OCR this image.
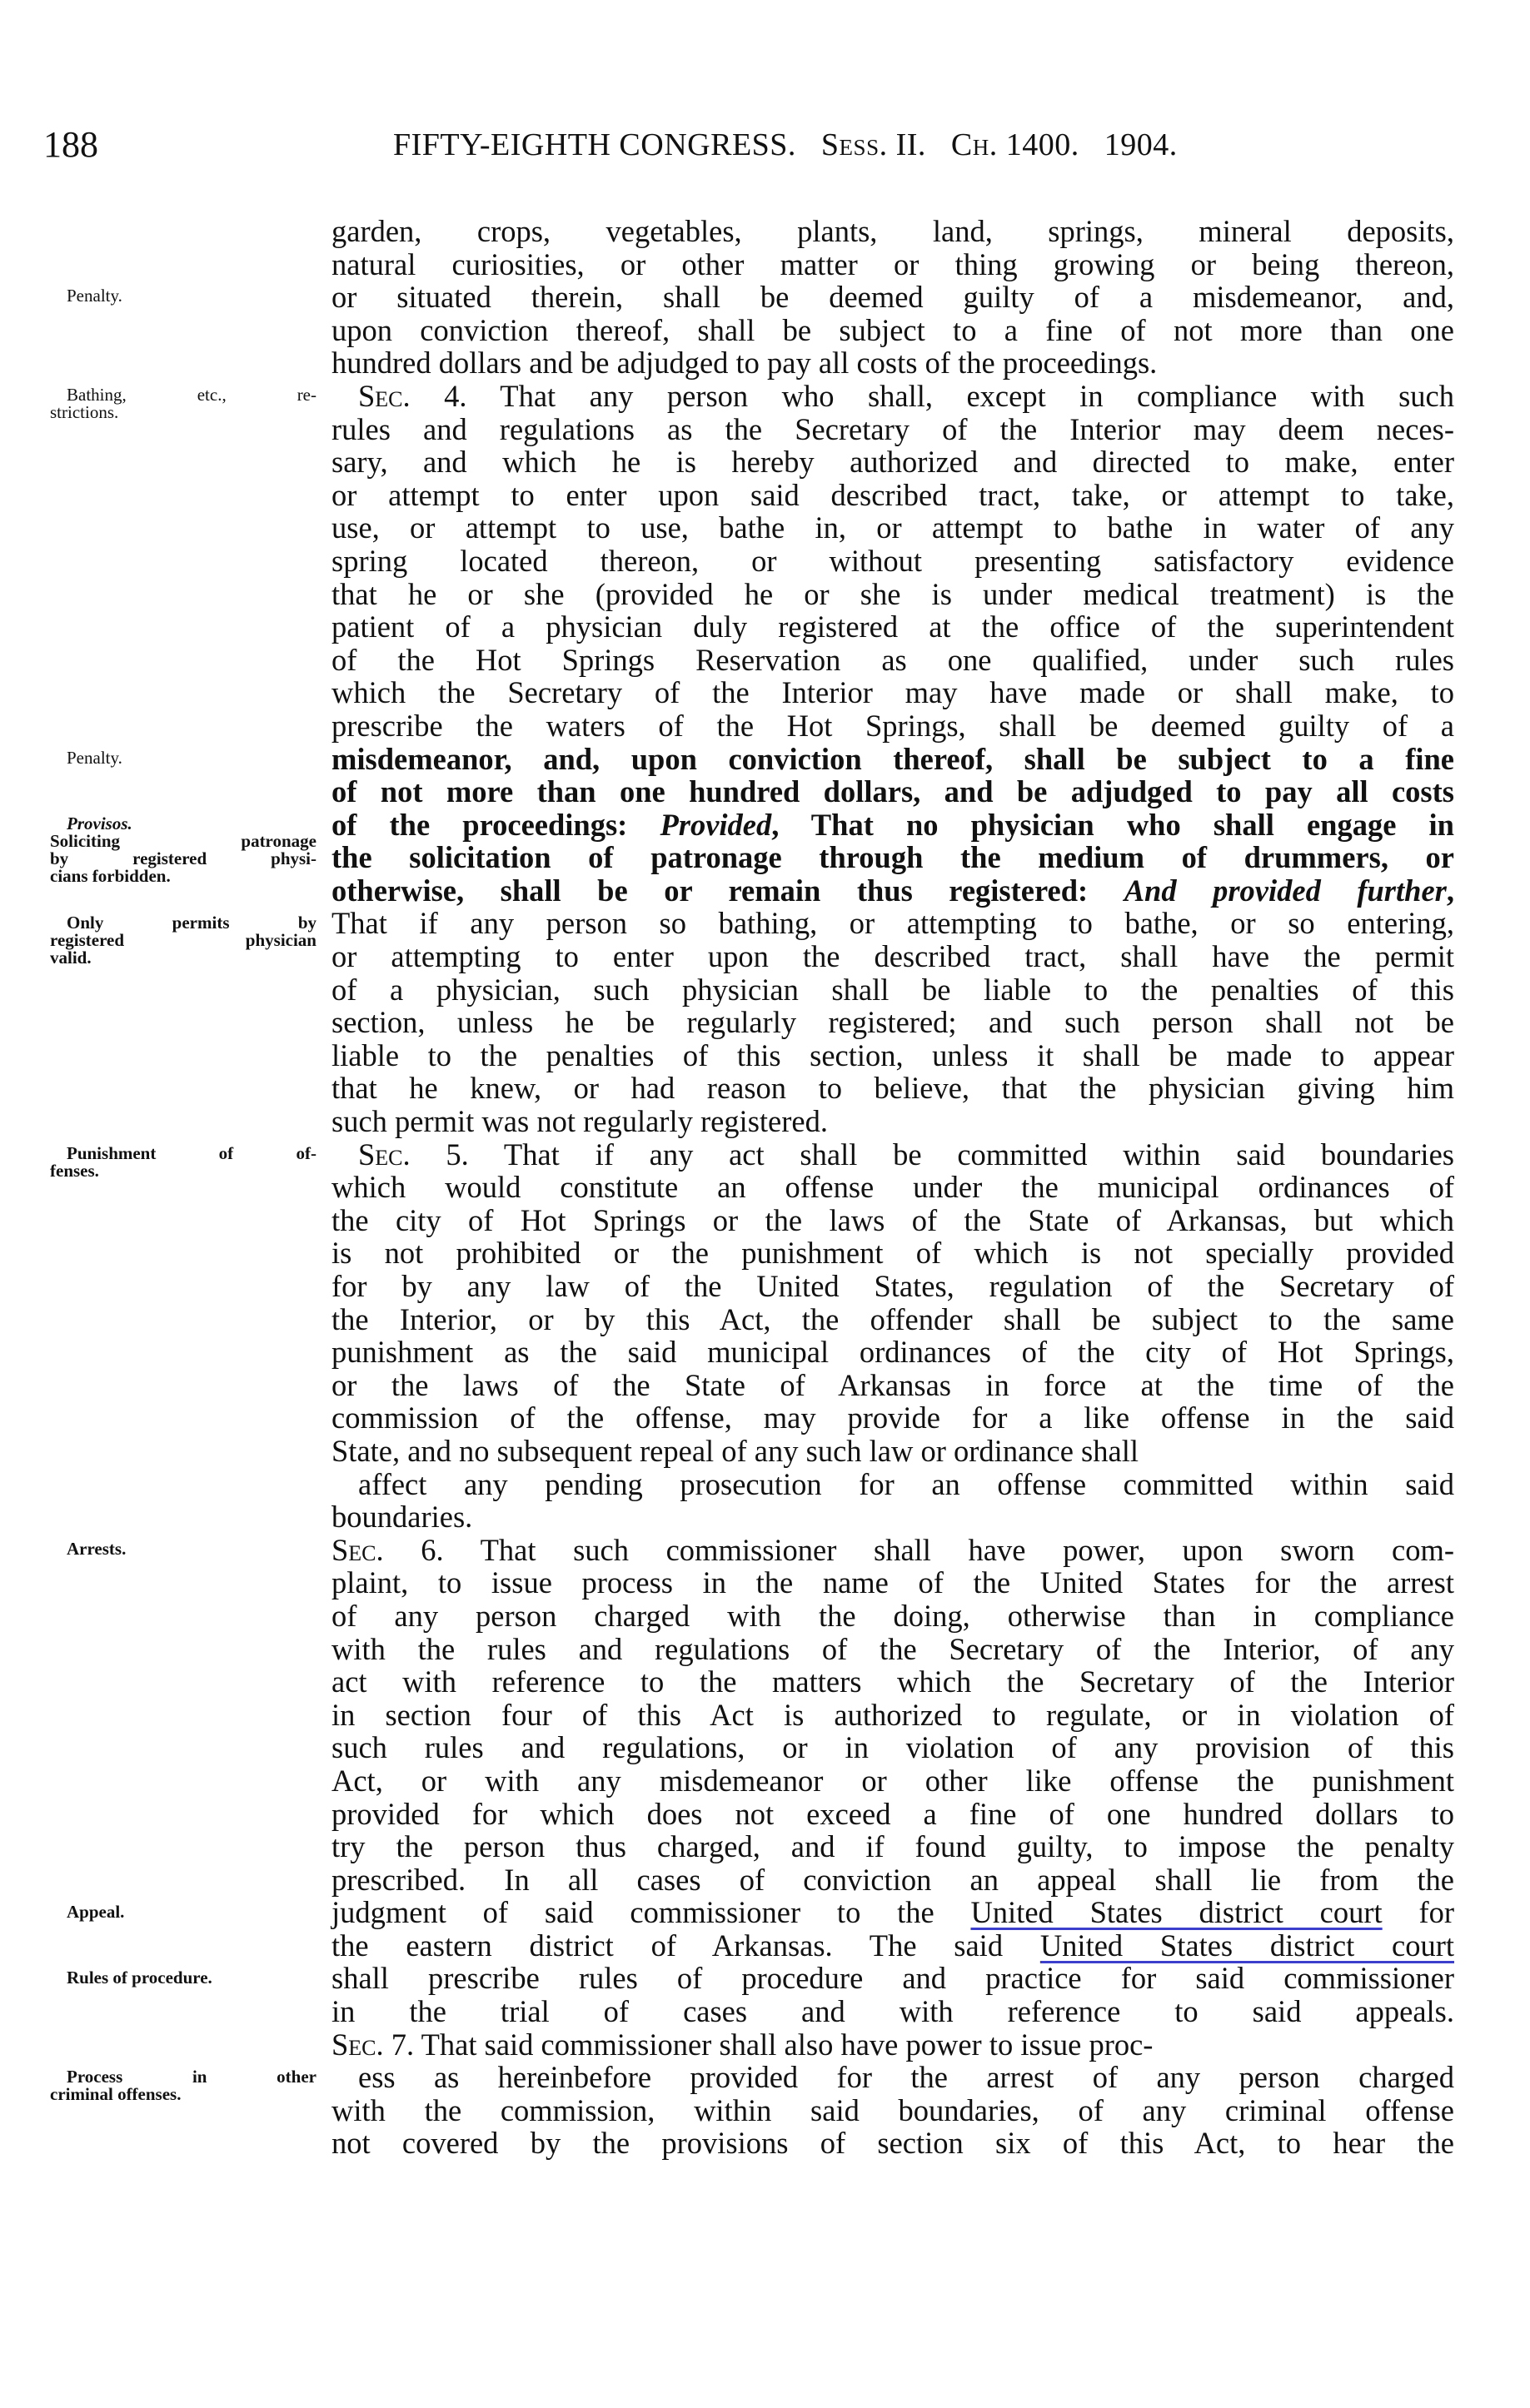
188	FIFTY-EIGHTH CONGRESS. Sess. II. Ch. 1400. 1904.
garden, crops, vegetables, plants, land, springs, mineral deposits,
natural curiosities, or other matter or thing growing or being thereon,
or situated therein, shall be deemed guilty of a misdemeanor, and,
upon conviction thereof, shall be subject to a fine of not more than one
hundred dollars and be adjudged to pay all costs of the proceedings.
Sec. 4. That any person who shall, except in compliance with such
rules and regulations as the Secretary of the Interior may deem neces-
sary, and which he is hereby authorized and directed to make, enter
or attempt to enter upon said described tract, take, or attempt to take,
use, or attempt to use, bathe in, or attempt to bathe in water of any
spring located thereon, or without presenting satisfactory evidence
that he or she (provided he or she is under medical treatment) is the
patient of a physician duly registered at the office of the superintendent
of the Hot Springs Reservation as one qualified, under such rules
which the Secretary of the Interior may have made or shall make, to
prescribe the waters of the Hot Springs, shall be deemed guilty of a
misdemeanor, and, upon conviction thereof, shall be subject to a fine
of not more than one hundred dollars, and be adjudged to pay all costs
of the proceedings: Provided, That no physician who shall engage in
the solicitation of patronage through the medium of drummers, or
otherwise, shall be or remain thus registered: And provided further,
That if any person so bathing, or attempting to bathe, or so entering,
or attempting to enter upon the described tract, shall have the permit
of a physician, such physician shall be liable to the penalties of this
section, unless he be regularly registered; and such person shall not be
liable to the penalties of this section, unless it shall be made to appear
that he knew, or had reason to believe, that the physician giving him
such permit was not regularly registered.
Sec. 5. That if any act shall be committed within said boundaries
which would constitute an offense under the municipal ordinances of
the city of Hot Springs or the laws of the State of Arkansas, but which
is not prohibited or the punishment of which is not specially provided
for by any law of the United States, regulation of the Secretary of
the Interior, or by this Act, the offender shall be subject to the same
punishment as the said municipal ordinances of the city of Hot Springs,
or the laws of the State of Arkansas in force at the time of the
commission of the offense, may provide for a like offense in the said
State, and no subsequent repeal of any such law or ordinance shall
affect any pending prosecution for an offense committed within said
boundaries.
Sec. 6. That such commissioner shall have power, upon sworn com-
plaint, to issue process in the name of the United States for the arrest
of any person charged with the doing, otherwise than in compliance
with the rules and regulations of the Secretary of the Interior, of any
act with reference to the matters which the Secretary of the Interior
in section four of this Act is authorized to regulate, or in violation of
such rules and regulations, or in violation of any provision of this
Act, or with any misdemeanor or other like offense the punishment
provided for which does not exceed a fine of one hundred dollars to
try the person thus charged, and if found guilty, to impose the penalty
prescribed. In all cases of conviction an appeal shall lie from the
judgment of said commissioner to the United States district court for
the eastern district of Arkansas. The said United States district court
shall prescribe rules of procedure and practice for said commissioner
in the trial of cases and with reference to said appeals.
Sec. 7. That said commissioner shall also have power to issue proc-
ess as hereinbefore provided for the arrest of any person charged
with the commission, within said boundaries, of any criminal offense
not covered by the provisions of section six of this Act, to hear the
Penalty.
Bathing, etc., re-
strictions.
Penalty.
Provisos.
Soliciting patronage
by registered physi-
cians forbidden.
Only permits by
registered physician
valid.
Punishment of of-
fenses.
Arrests.
Appeal.
Rules of procedure.
Process in other
criminal offenses.
